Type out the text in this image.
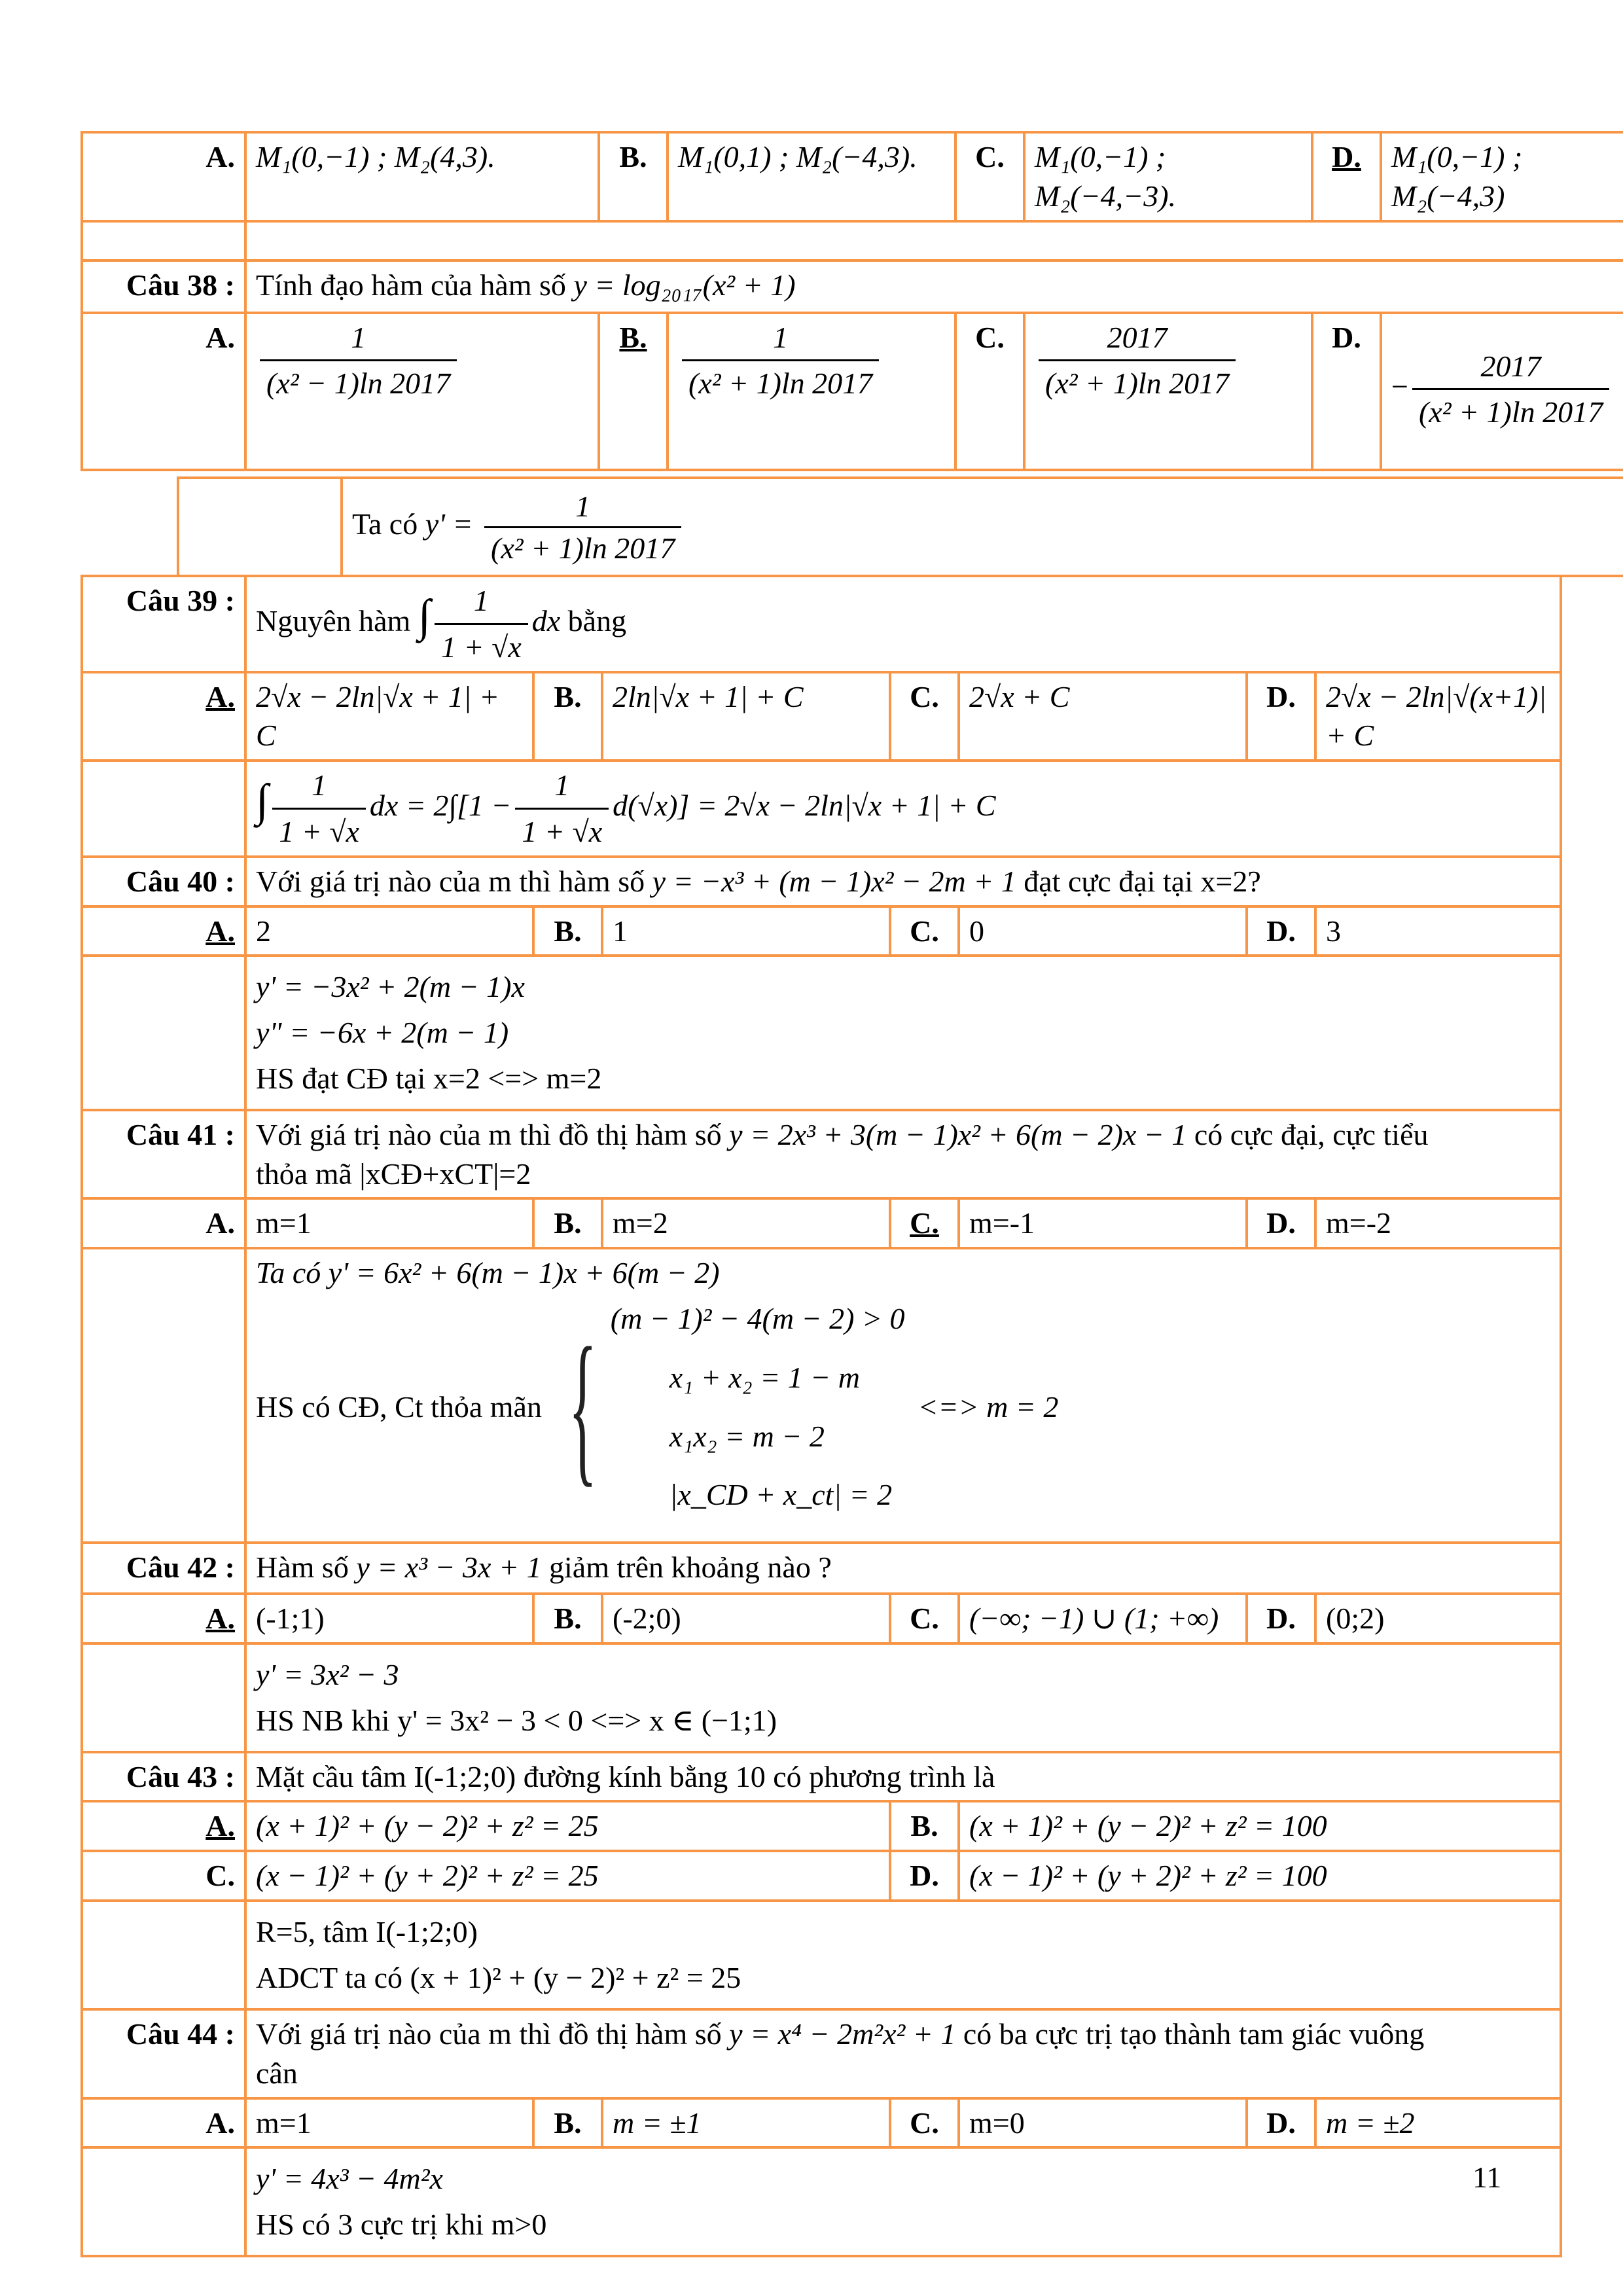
A.	M₁(0,−1) ; M₂(4,3).	B.	M₁(0,1) ; M₂(−4,3).	C.	M₁(0,−1) ; M₂(−4,−3).	D.	M₁(0,−1) ; M₂(−4,3)

Câu 38 :	Tính đạo hàm của hàm số y = log₂₀₁₇(x² + 1)						
A.	$\frac{1}{\text{(x² − 1)ln 2017}}$	B.	$\frac{1}{\text{(x² + 1)ln 2017}}$	C.	$\frac{2017}{\text{(x² + 1)ln 2017}}$	D.	− $\frac{2017}{\text{(x² + 1)ln 2017}}$
	Ta có $y' = \frac{1}{\text{(x² + 1)ln 2017}}$
Câu 39 :	Nguyên hàm ∫ $\frac{1}{1 + √x}$ dx bằng						
A.	2√x − 2ln|√x + 1| + C	B.	2ln|√x + 1| + C	C.	2√x + C	D.	2√x − 2ln|√(x+1)| + C
	∫ $\frac{1}{1 + √x}$ dx = $2\int[1 - \frac{1}{1 + √x} d(√x)] = 2√x - 2\ln|√x + 1| + C$
Câu 40 :	Với giá trị nào của m thì hàm số y = −x³ + (m − 1)x² − 2m + 1 đạt cực đại tại x=2?						
A.	2	B.	1	C.	0	D.	3

	y' = −3x² + 2(m − 1)x
y" = −6x + 2(m − 1)
HS đạt CĐ tại x=2 <=> m=2						

Câu 41 :	Với giá trị nào của m thì đồ thị hàm số y = 2x³ + 3(m − 1)x² + 6(m − 2)x − 1 có cực đại, cực tiểu
thỏa mã |xCĐ+xCT|=2						
A.	m=1	B.	m=2	C.	m=-1	D.	m=-2

Ta có y' = 6x² + 6(m − 1)x + 6(m − 2)
HS có CĐ, Ct thỏa mãn { (m − 1)² − 4(m − 2) > 0
x₁ + x₂ = 1 − m
x₁x₂ = m − 2
|x_CD + x_ct| = 2
<=> m = 2

Câu 42 :	Hàm số y = x³ − 3x + 1 giảm trên khoảng nào ?						
A.	(-1;1)	B.	(-2;0)	C.	(−∞; −1) ∪ (1; +∞)	D.	(0;2)

	y' = 3x² − 3
HS NB khi y' = 3x² − 3 < 0 <=> x ∈ (−1;1)						

Câu 43 :	Mặt cầu tâm I(-1;2;0) đường kính bằng 10 có phương trình là						
A.	(x + 1)² + (y − 2)² + z² = 25			B.	(x + 1)² + (y − 2)² + z² = 100		
C.	(x − 1)² + (y + 2)² + z² = 25			D.	(x − 1)² + (y + 2)² + z² = 100		

	R=5, tâm I(-1;2;0)
ADCT ta có (x + 1)² + (y − 2)² + z² = 25						

Câu 44 :	Với giá trị nào của m thì đồ thị hàm số y = x⁴ − 2m²x² + 1 có ba cực trị tạo thành tam giác vuông
cân						
A.	m=1	B.	m = ±1	C.	m=0	D.	m = ±2

	y' = 4x³ − 4m²x
HS có 3 cực trị khi m>0						
11
